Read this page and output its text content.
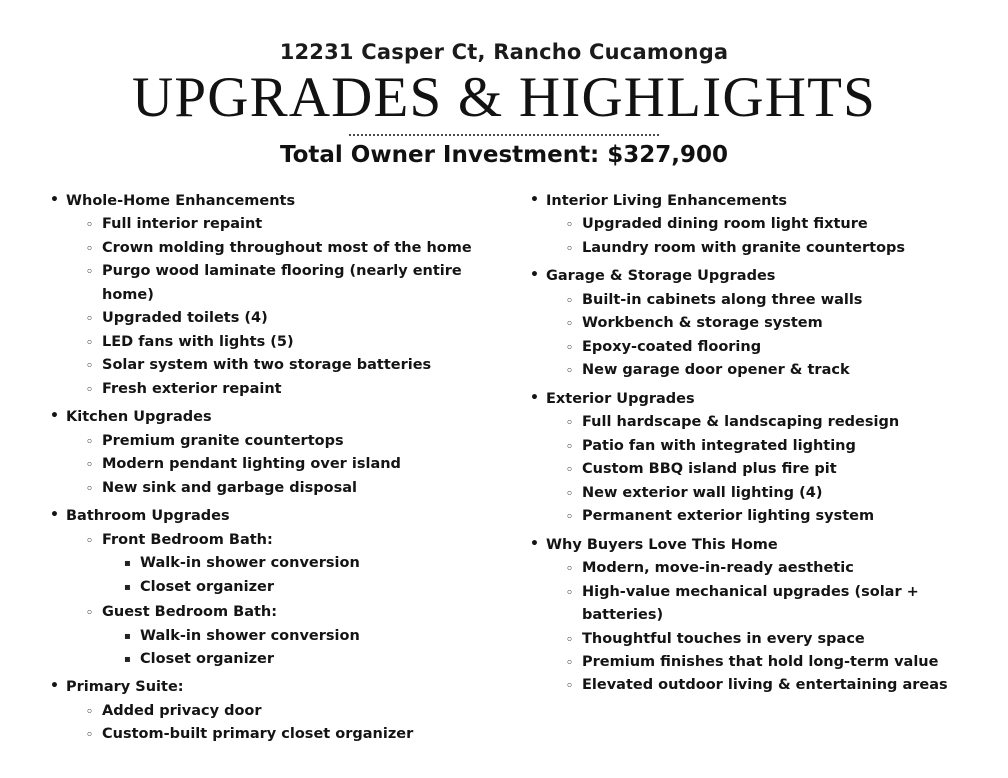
12231 Casper Ct, Rancho Cucamonga

UPGRADES & HIGHLIGHTS

Total Owner Investment: $327,900

• Whole-Home Enhancements
◦ Full interior repaint
◦ Crown molding throughout most of the home
◦ Purgo wood laminate flooring (nearly entire home)
◦ Upgraded toilets (4)
◦ LED fans with lights (5)
◦ Solar system with two storage batteries
◦ Fresh exterior repaint
• Kitchen Upgrades
◦ Premium granite countertops
◦ Modern pendant lighting over island
◦ New sink and garbage disposal
• Bathroom Upgrades
◦ Front Bedroom Bath:
▪ Walk-in shower conversion
▪ Closet organizer
◦ Guest Bedroom Bath:
▪ Walk-in shower conversion
▪ Closet organizer
• Primary Suite:
◦ Added privacy door
◦ Custom-built primary closet organizer
• Interior Living Enhancements
◦ Upgraded dining room light fixture
◦ Laundry room with granite countertops
• Garage & Storage Upgrades
◦ Built-in cabinets along three walls
◦ Workbench & storage system
◦ Epoxy-coated flooring
◦ New garage door opener & track
• Exterior Upgrades
◦ Full hardscape & landscaping redesign
◦ Patio fan with integrated lighting
◦ Custom BBQ island plus fire pit
◦ New exterior wall lighting (4)
◦ Permanent exterior lighting system
• Why Buyers Love This Home
◦ Modern, move-in-ready aesthetic
◦ High-value mechanical upgrades (solar + batteries)
◦ Thoughtful touches in every space
◦ Premium finishes that hold long-term value
◦ Elevated outdoor living & entertaining areas
